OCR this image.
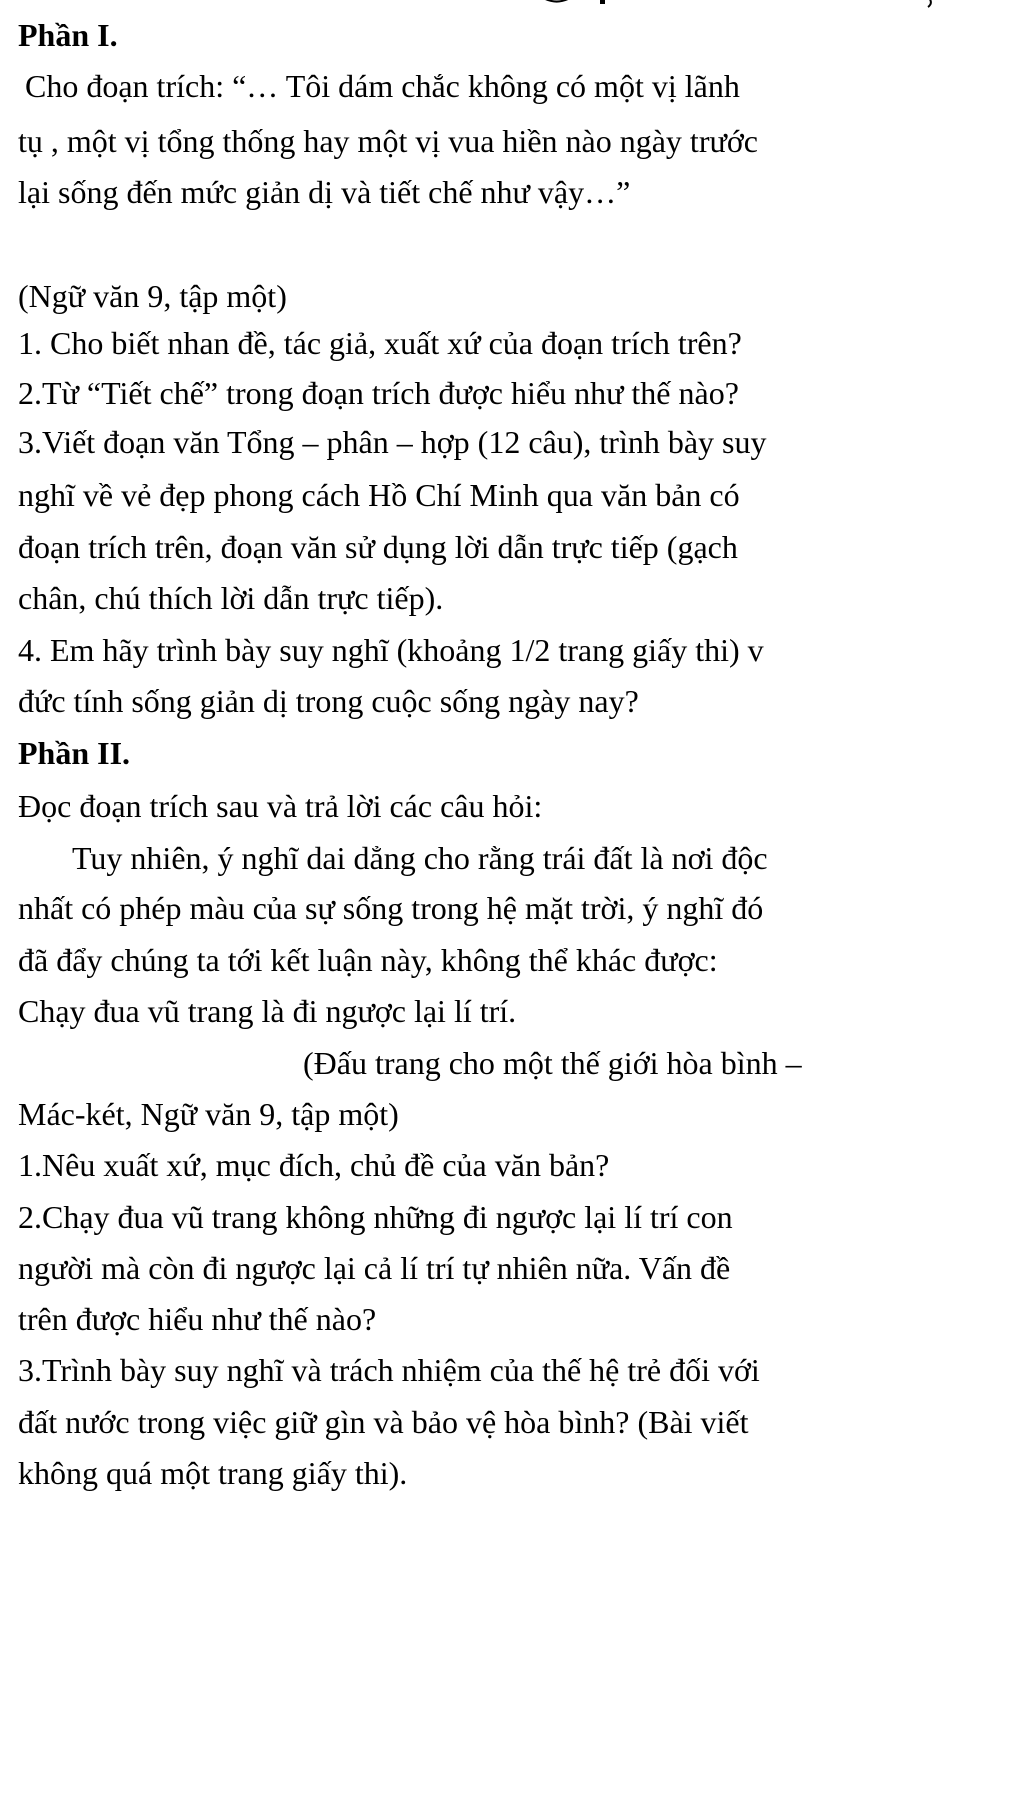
Phần I.
Cho đoạn trích: “… Tôi dám chắc không có một vị lãnh
tụ , một vị tổng thống hay một vị vua hiền nào ngày trước
lại sống đến mức giản dị và tiết chế như vậy…”
(Ngữ văn 9, tập một)
1. Cho biết nhan đề, tác giả, xuất xứ của đoạn trích trên?
2.Từ “Tiết chế” trong đoạn trích được hiểu như thế nào?
3.Viết đoạn văn Tổng – phân – hợp (12 câu), trình bày suy
nghĩ về vẻ đẹp phong cách Hồ Chí Minh qua văn bản có
đoạn trích trên, đoạn văn sử dụng lời dẫn trực tiếp (gạch
chân, chú thích lời dẫn trực tiếp).
4. Em hãy trình bày suy nghĩ (khoảng 1/2 trang giấy thi) v
đức tính sống giản dị trong cuộc sống ngày nay?
Phần II.
Đọc đoạn trích sau và trả lời các câu hỏi:
Tuy nhiên, ý nghĩ dai dẳng cho rằng trái đất là nơi độc
nhất có phép màu của sự sống trong hệ mặt trời, ý nghĩ đó
đã đẩy chúng ta tới kết luận này, không thể khác được:
Chạy đua vũ trang là đi ngược lại lí trí.
(Đấu trang cho một thế giới hòa bình –
Mác-két, Ngữ văn 9, tập một)
1.Nêu xuất xứ, mục đích, chủ đề của văn bản?
2.Chạy đua vũ trang không những đi ngược lại lí trí con
người mà còn đi ngược lại cả lí trí tự nhiên nữa. Vấn đề
trên được hiểu như thế nào?
3.Trình bày suy nghĩ và trách nhiệm của thế hệ trẻ đối với
đất nước trong việc giữ gìn và bảo vệ hòa bình? (Bài viết
không quá một trang giấy thi).
